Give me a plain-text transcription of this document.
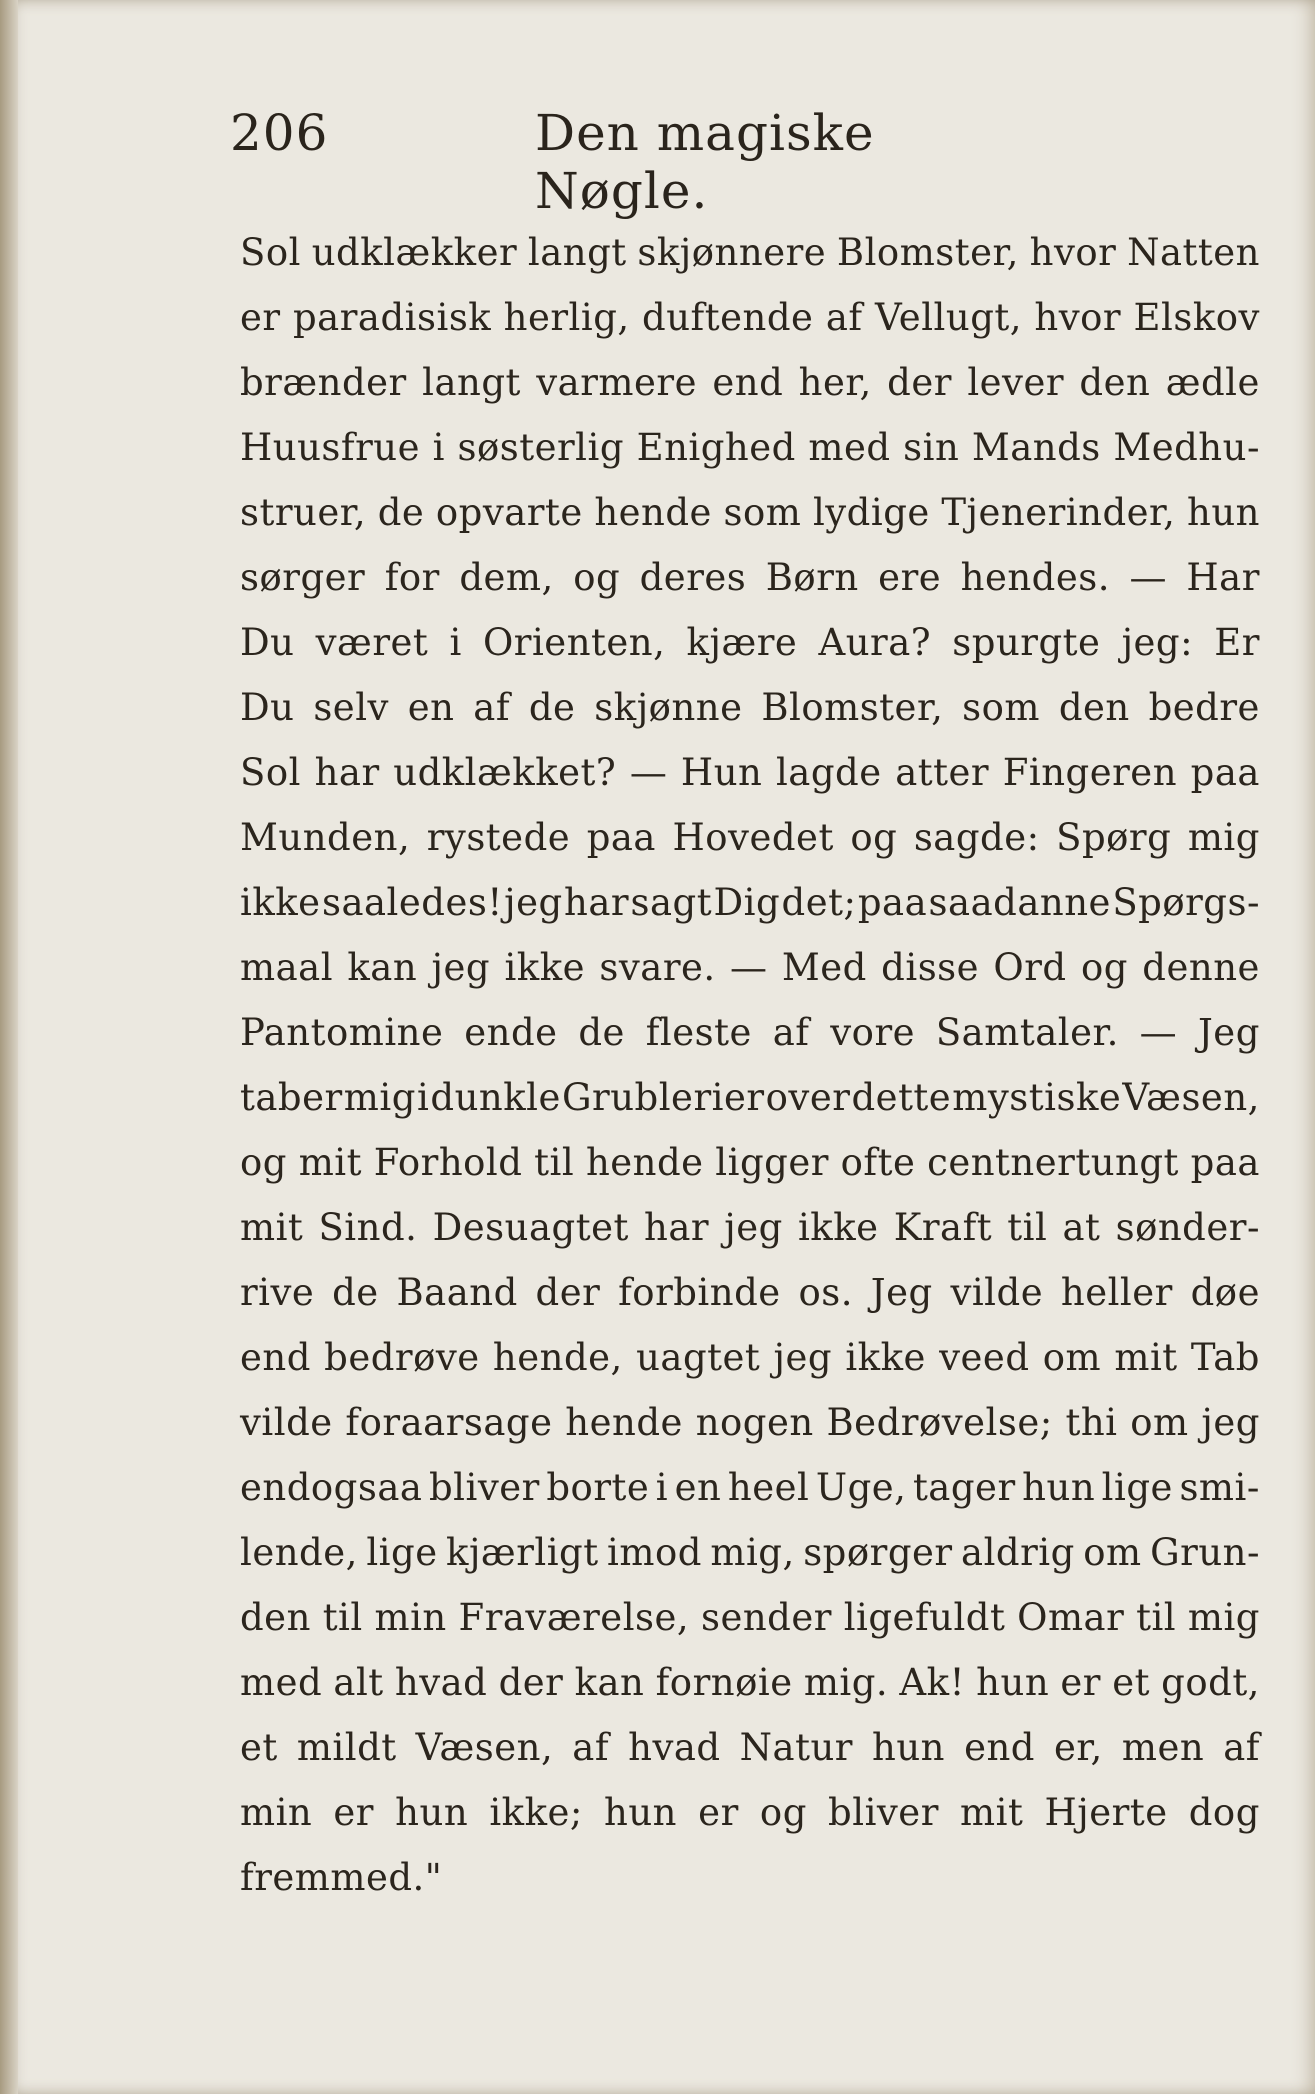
206	Den magiske Nøgle.
Sol udklækker langt skjønnere Blomster, hvor Natten
er paradisisk herlig, duftende af Vellugt, hvor Elskov
brænder langt varmere end her, der lever den ædle
Huusfrue i søsterlig Enighed med sin Mands Medhu-
struer, de opvarte hende som lydige Tjenerinder, hun
sørger for dem, og deres Børn ere hendes. — Har
Du været i Orienten, kjære Aura? spurgte jeg: Er
Du selv en af de skjønne Blomster, som den bedre
Sol har udklækket? — Hun lagde atter Fingeren paa
Munden, rystede paa Hovedet og sagde: Spørg mig
ikke saaledes! jeg har sagt Dig det; paa saadanne Spørgs-
maal kan jeg ikke svare. — Med disse Ord og denne
Pantomine ende de fleste af vore Samtaler. — Jeg
taber mig i dunkle Grublerier over dette mystiske Væsen,
og mit Forhold til hende ligger ofte centnertungt paa
mit Sind. Desuagtet har jeg ikke Kraft til at sønder-
rive de Baand der forbinde os. Jeg vilde heller døe
end bedrøve hende, uagtet jeg ikke veed om mit Tab
vilde foraarsage hende nogen Bedrøvelse; thi om jeg
endogsaa bliver borte i en heel Uge, tager hun lige smi-
lende, lige kjærligt imod mig, spørger aldrig om Grun-
den til min Fraværelse, sender ligefuldt Omar til mig
med alt hvad der kan fornøie mig. Ak! hun er et godt,
et mildt Væsen, af hvad Natur hun end er, men af
min er hun ikke; hun er og bliver mit Hjerte dog
fremmed."
